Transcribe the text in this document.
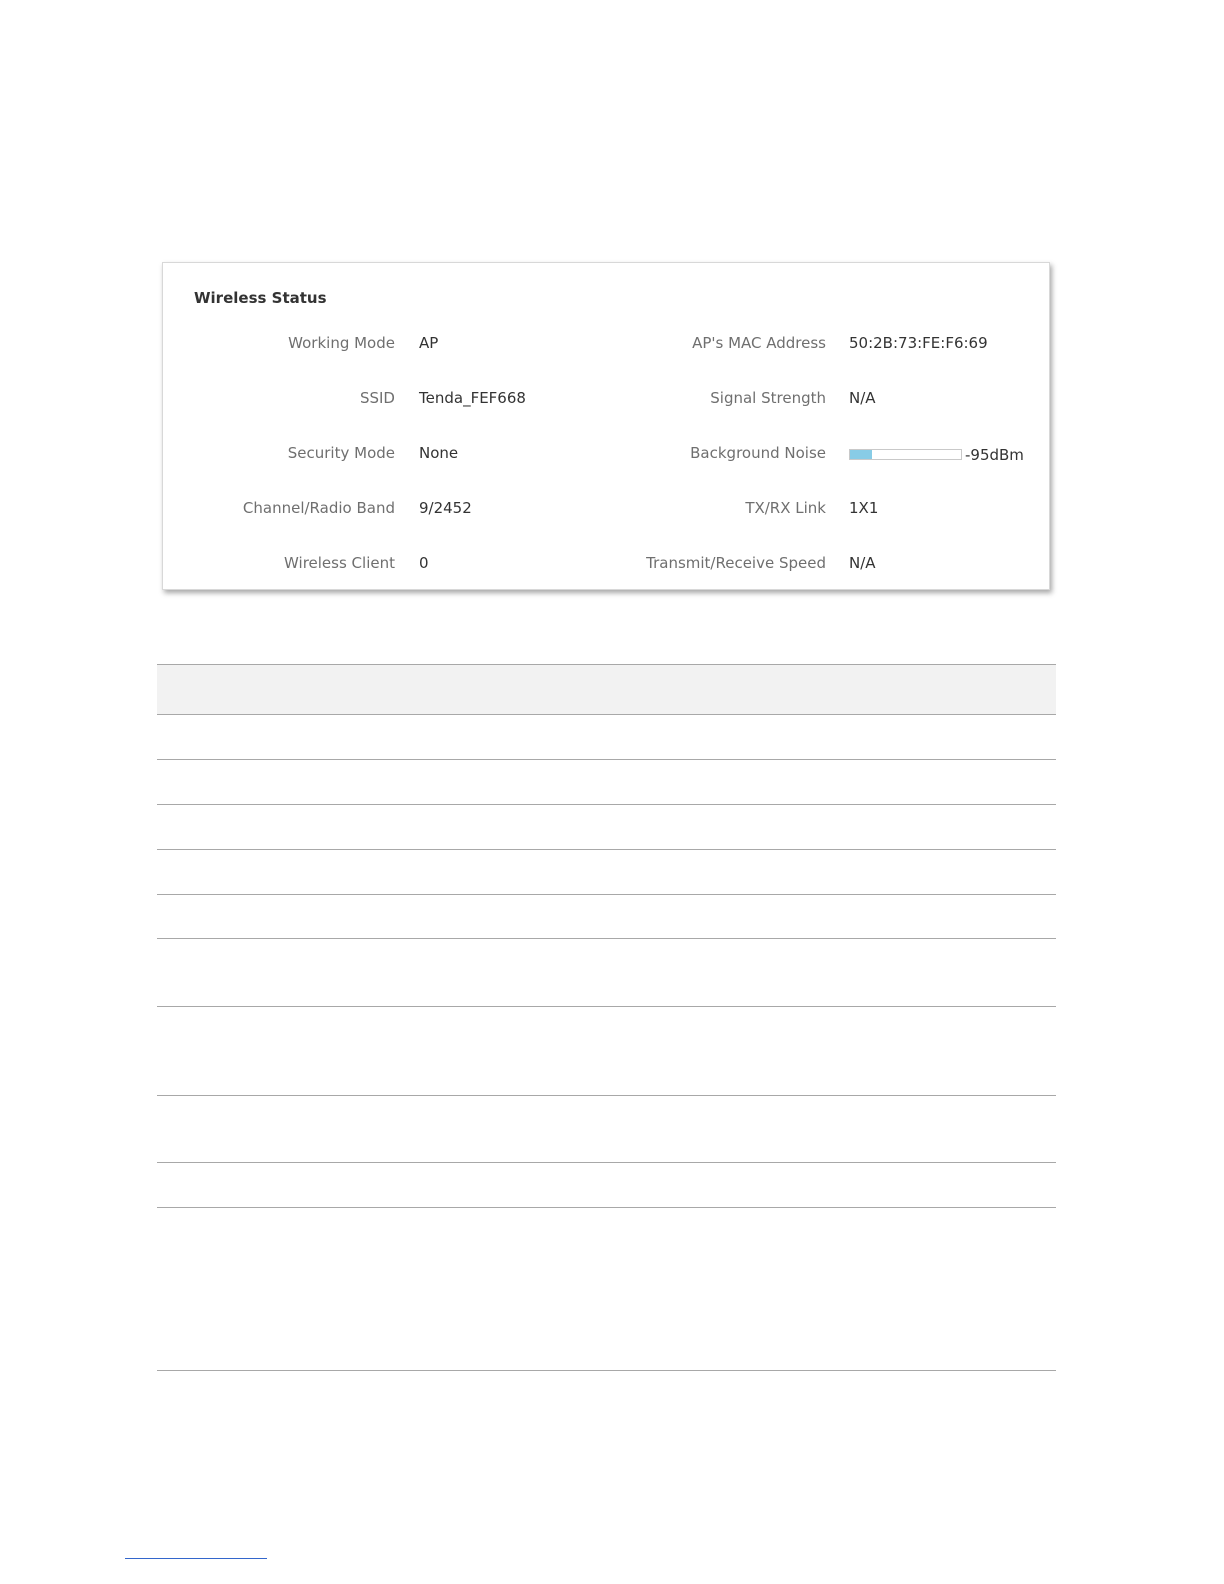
Wireless Status
Working Mode AP	AP's MAC Address 50:2B:73:FE:F6:69
SSID Tenda_FEF668	Signal Strength N/A
Security Mode None	Background Noise	-95dBm
Channel/Radio Band 9/2452	TX/RX Link 1X1
Wireless Client 0	Transmit/Receive Speed N/A
